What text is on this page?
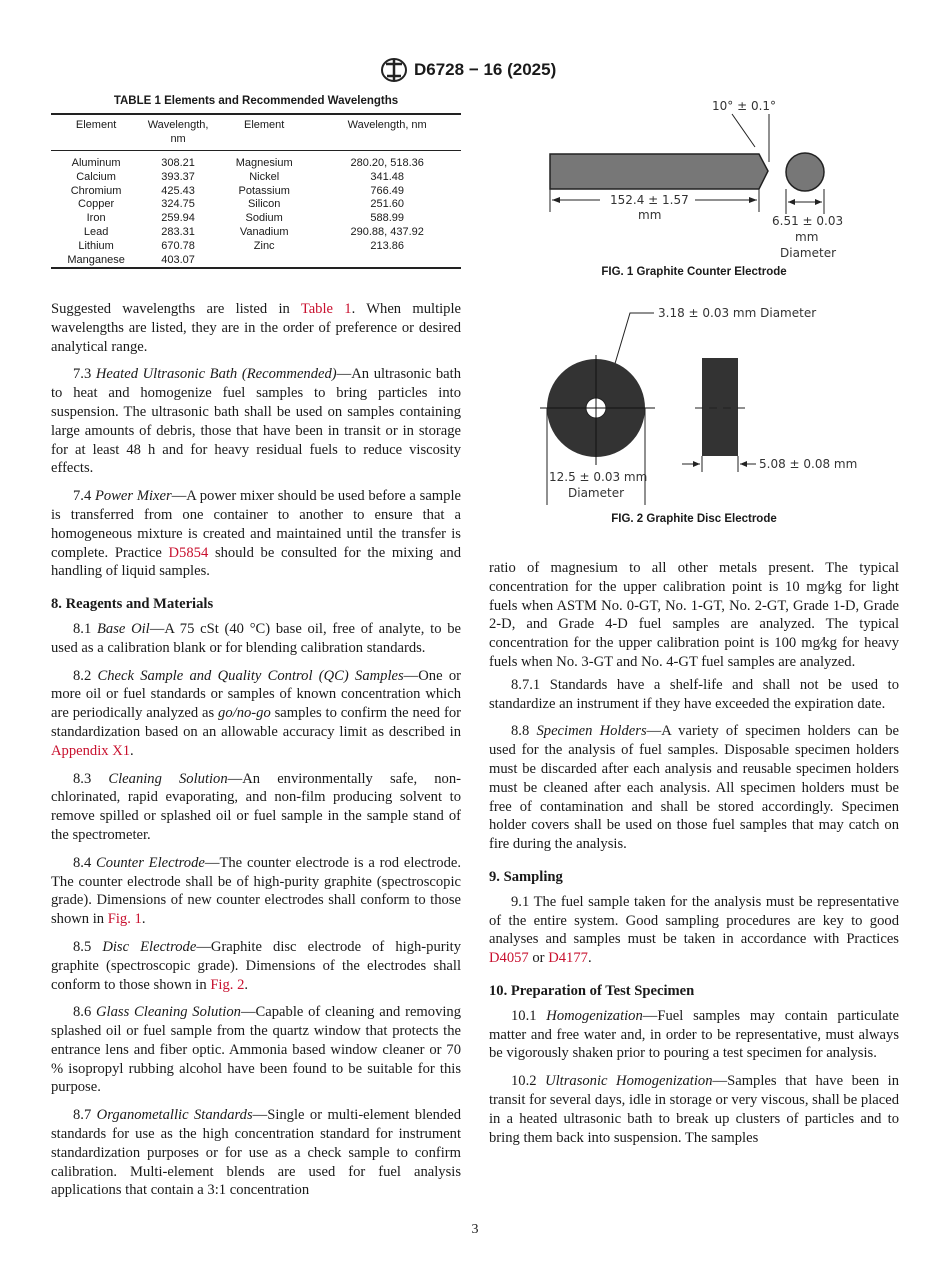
D6728 − 16 (2025)
TABLE 1 Elements and Recommended Wavelengths
Element	Wavelength, nm	Element	Wavelength, nm
Aluminum	308.21	Magnesium	280.20, 518.36
Calcium	393.37	Nickel	341.48
Chromium	425.43	Potassium	766.49
Copper	324.75	Silicon	251.60
Iron	259.94	Sodium	588.99
Lead	283.31	Vanadium	290.88, 437.92
Lithium	670.78	Zinc	213.86
Manganese	403.07		
10° ± 0.1°
152.4 ± 1.57
mm	6.51 ± 0.03
mm
Diameter
FIG. 1 Graphite Counter Electrode
3.18 ± 0.03 mm Diameter
5.08 ± 0.08 mm
12.5 ± 0.03 mm
Diameter
FIG. 2 Graphite Disc Electrode

Suggested wavelengths are listed in Table 1. When multiple wavelengths are listed, they are in the order of preference or desired analytical range.

7.3 Heated Ultrasonic Bath (Recommended)—An ultrasonic bath to heat and homogenize fuel samples to bring particles into suspension. The ultrasonic bath shall be used on samples containing large amounts of debris, those that have been in transit or in storage for at least 48 h and for heavy residual fuels to reduce viscosity effects.

7.4 Power Mixer—A power mixer should be used before a sample is transferred from one container to another to ensure that a homogeneous mixture is created and maintained until the transfer is complete. Practice D5854 should be consulted for the mixing and handling of liquid samples.

8. Reagents and Materials

8.1 Base Oil—A 75 cSt (40 °C) base oil, free of analyte, to be used as a calibration blank or for blending calibration standards.

8.2 Check Sample and Quality Control (QC) Samples—One or more oil or fuel standards or samples of known concentration which are periodically analyzed as go/no-go samples to confirm the need for standardization based on an allowable accuracy limit as described in Appendix X1.

8.3 Cleaning Solution—An environmentally safe, non-chlorinated, rapid evaporating, and non-film producing solvent to remove spilled or splashed oil or fuel sample in the sample stand of the spectrometer.

8.4 Counter Electrode—The counter electrode is a rod electrode. The counter electrode shall be of high-purity graphite (spectroscopic grade). Dimensions of new counter electrodes shall conform to those shown in Fig. 1.

8.5 Disc Electrode—Graphite disc electrode of high-purity graphite (spectroscopic grade). Dimensions of the electrodes shall conform to those shown in Fig. 2.

8.6 Glass Cleaning Solution—Capable of cleaning and removing splashed oil or fuel sample from the quartz window that protects the entrance lens and fiber optic. Ammonia based window cleaner or 70 % isopropyl rubbing alcohol have been found to be suitable for this purpose.

8.7 Organometallic Standards—Single or multi-element blended standards for use as the high concentration standard for instrument standardization purposes or for use as a check sample to confirm calibration. Multi-element blends are used for fuel analysis applications that contain a 3:1 concentration

ratio of magnesium to all other metals present. The typical concentration for the upper calibration point is 10 mg⁄kg for light fuels when ASTM No. 0-GT, No. 1-GT, No. 2-GT, Grade 1-D, Grade 2-D, and Grade 4-D fuel samples are analyzed. The typical concentration for the upper calibration point is 100 mg⁄kg for heavy fuels when No. 3-GT and No. 4-GT fuel samples are analyzed.

8.7.1 Standards have a shelf-life and shall not be used to standardize an instrument if they have exceeded the expiration date.

8.8 Specimen Holders—A variety of specimen holders can be used for the analysis of fuel samples. Disposable specimen holders must be discarded after each analysis and reusable specimen holders must be cleaned after each analysis. All specimen holders must be free of contamination and shall be stored accordingly. Specimen holder covers shall be used on those fuel samples that may catch on fire during the analysis.

9. Sampling

9.1 The fuel sample taken for the analysis must be representative of the entire system. Good sampling procedures are key to good analyses and samples must be taken in accordance with Practices D4057 or D4177.

10. Preparation of Test Specimen

10.1 Homogenization—Fuel samples may contain particulate matter and free water and, in order to be representative, must always be vigorously shaken prior to pouring a test specimen for analysis.

10.2 Ultrasonic Homogenization—Samples that have been in transit for several days, idle in storage or very viscous, shall be placed in a heated ultrasonic bath to break up clusters of particles and to bring them back into suspension. The samples

3
